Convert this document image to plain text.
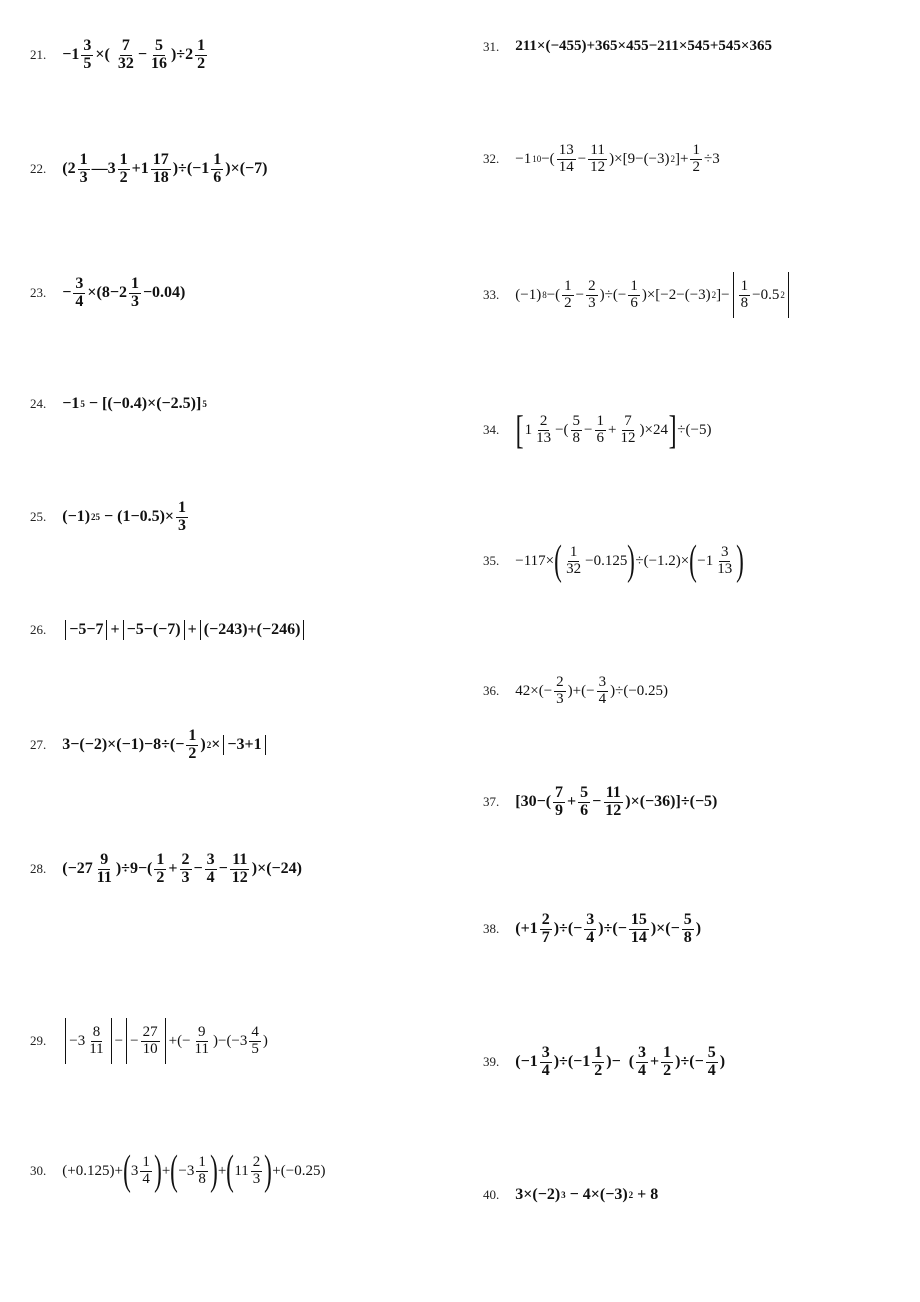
21. $-1 \frac{3}{5}$ ×( $\frac{7}{32} - \frac{5}{16} )\div 2 \frac{1}{2}$
22. ($2 \frac{1}{3}$ —3 $\frac{1}{2} +1 \frac{17}{18} )\div(-1 \frac{1}{6} )\times(-7)$
23. − $\frac{3}{4} \times(8-2 \frac{1}{3} -0.04)$
24. −1 5 − [(−0.4)×(−2.5)] 5
25. (−1) $25 - (1-0.5)\times \frac{1}{3}$
26.	−5−7 + −5−(−7) + (−243)+(−246)
27. $3-(-2)\times(-1)-8\div(- \frac{1}{2}$ ) 2 × −3+1
28. $(-27 \frac{9}{11} )\div 9-( \frac{1}{2} + \frac{2}{3} - \frac{3}{4} - \frac{11}{12} )\times(-24)$
29.	$-3 \frac{8}{11}$ − − $\frac{27}{10}$ +(− $\frac{9}{11} )-(-3 \frac{4}{5}$ )
30. (+0.125)+ ( $3 \frac{1}{4}$ ) + ( $-3 \frac{1}{8}$ ) + ( $11 \frac{2}{3}$ ) +(−0.25)
31. 211×(−455)+365×455−211×545+545×365
32. −1 10 −( $\frac{13}{14} - \frac{11}{12} )\times[9-(-3)$ 2 ]+ $\frac{1}{2} \div 3$
33. (−1) 8 −( $\frac{1}{2} - \frac{2}{3}$ )÷(− $\frac{1}{6} )\times[-2-(-3)$ 2 ]− $\frac{1}{8} -0.5$ 2
34. [ $1 \frac{2}{13}$ −( $\frac{5}{8} - \frac{1}{6} + \frac{7}{12} )\times 24$ ] ÷(−5)
35. −117× ( $\frac{1}{32} -0.125$ ) ÷(−1.2)× ( $-1 \frac{3}{13}$ )
36. $42\times(- \frac{2}{3}$ )+(− $\frac{3}{4} )\div(-0.25)$
37. $[30-( \frac{7}{9} + \frac{5}{6} - \frac{11}{12} )\times(-36)]\div(-5)$
38. ($+1 \frac{2}{7}$ )÷(− $\frac{3}{4}$ )÷(− $\frac{15}{14}$ )×(− $\frac{5}{8}$ )
39. $(-1 \frac{3}{4} )\div(-1 \frac{1}{2}$ )−  ( $\frac{3}{4} + \frac{1}{2}$ )÷(− $\frac{5}{4}$ )
40. 3×(−2) 3 − 4×(−3) 2 + 8
